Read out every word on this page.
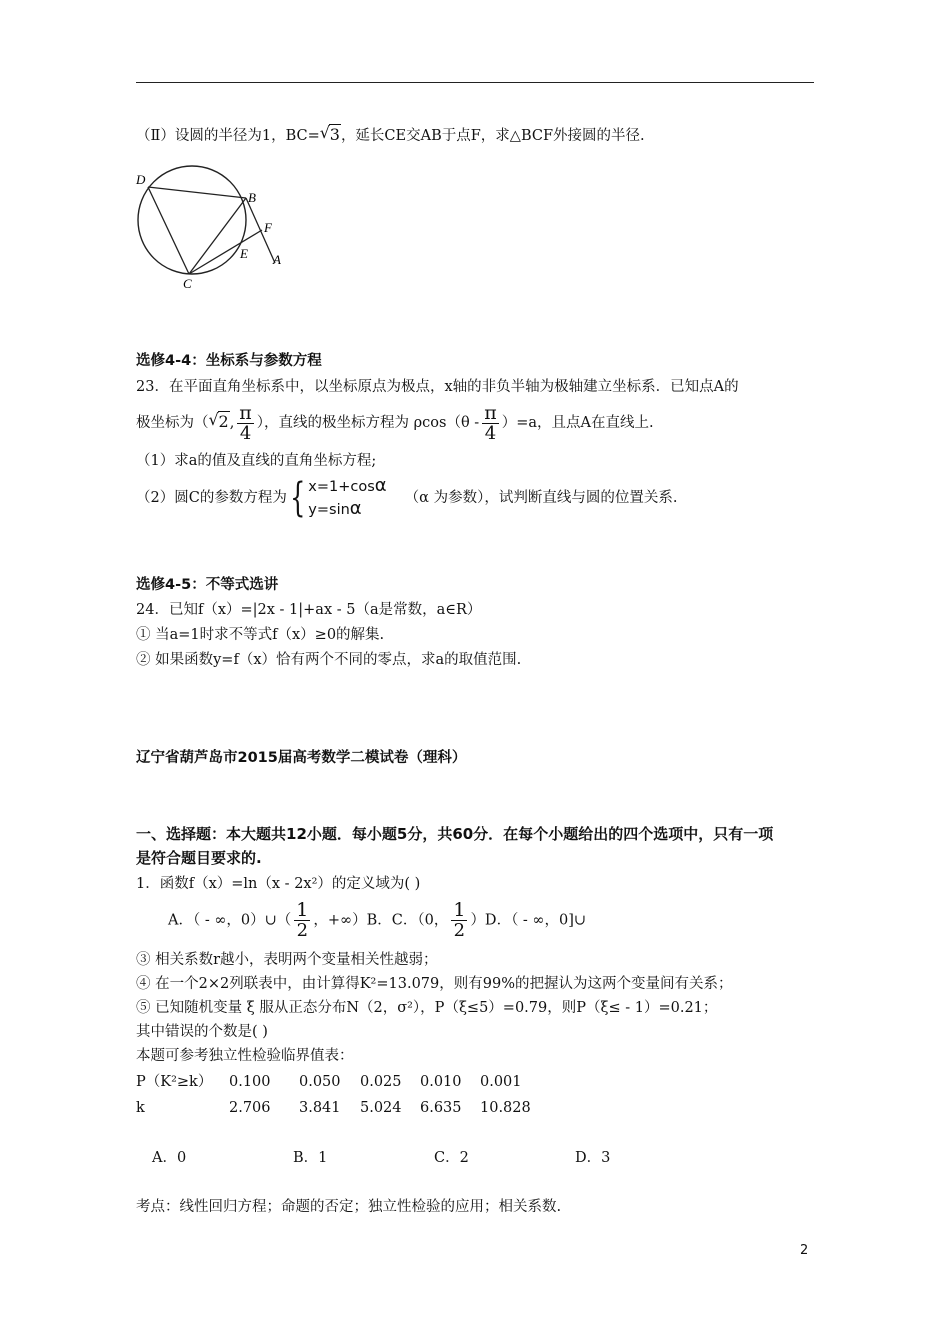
（Ⅱ）设圆的半径为1，BC= √ 3，延长CE交AB于点F，求△BCF外接圆的半径.
D
B
F
E A
C
选修4-4：坐标系与参数方程
23．在平面直角坐标系中，以坐标原点为极点，x轴的非负半轴为极轴建立坐标系．已知点A的
极坐标为（ √ 2, $\frac{\pi}{4}$ ），直线的极坐标方程为 $\rho\cos(\theta - \frac{\pi}{4} )=a$，且点A在直线上.
（1）求a的值及直线的直角坐标方程;
（2）圆C的参数方程为{ x=1+cosα
y=sinα	（α 为参数），试判断直线与圆的位置关系.
选修4-5：不等式选讲
24．已知f（x）=|2x - 1|+ax - 5（a是常数，a∈R）
① 当a=1时求不等式f（x）≥0的解集.
② 如果函数y=f（x）恰有两个不同的零点，求a的取值范围.
辽宁省葫芦岛市2015届高考数学二模试卷（理科）
一、选择题：本大题共12小题．每小题5分，共60分．在每个小题给出的四个选项中，只有一项
是符合题目要求的.
1．函数f（x）=ln（x - 2x²）的定义域为( )
A．（ - ∞，0）∪（ $\frac{1}{2}$ ，+∞）B．C．（0， $\frac{1}{2} )D$．（ - ∞，0]∪
③ 相关系数r越小，表明两个变量相关性越弱；
④ 在一个2×2列联表中，由计算得K²=13.079，则有99%的把握认为这两个变量间有关系；
⑤ 已知随机变量 ξ 服从正态分布N（2，σ²），P（ξ≤5）=0.79，则P（ξ≤ - 1）=0.21；
其中错误的个数是( )
本题可参考独立性检验临界值表：
P（K²≥k）	0.100	0.050	0.025	0.010	0.001
k	2.706	3.841	5.024	6.635	10.828
A．0	B．1	C．2	D．3
考点：线性回归方程；命题的否定；独立性检验的应用；相关系数.
2
